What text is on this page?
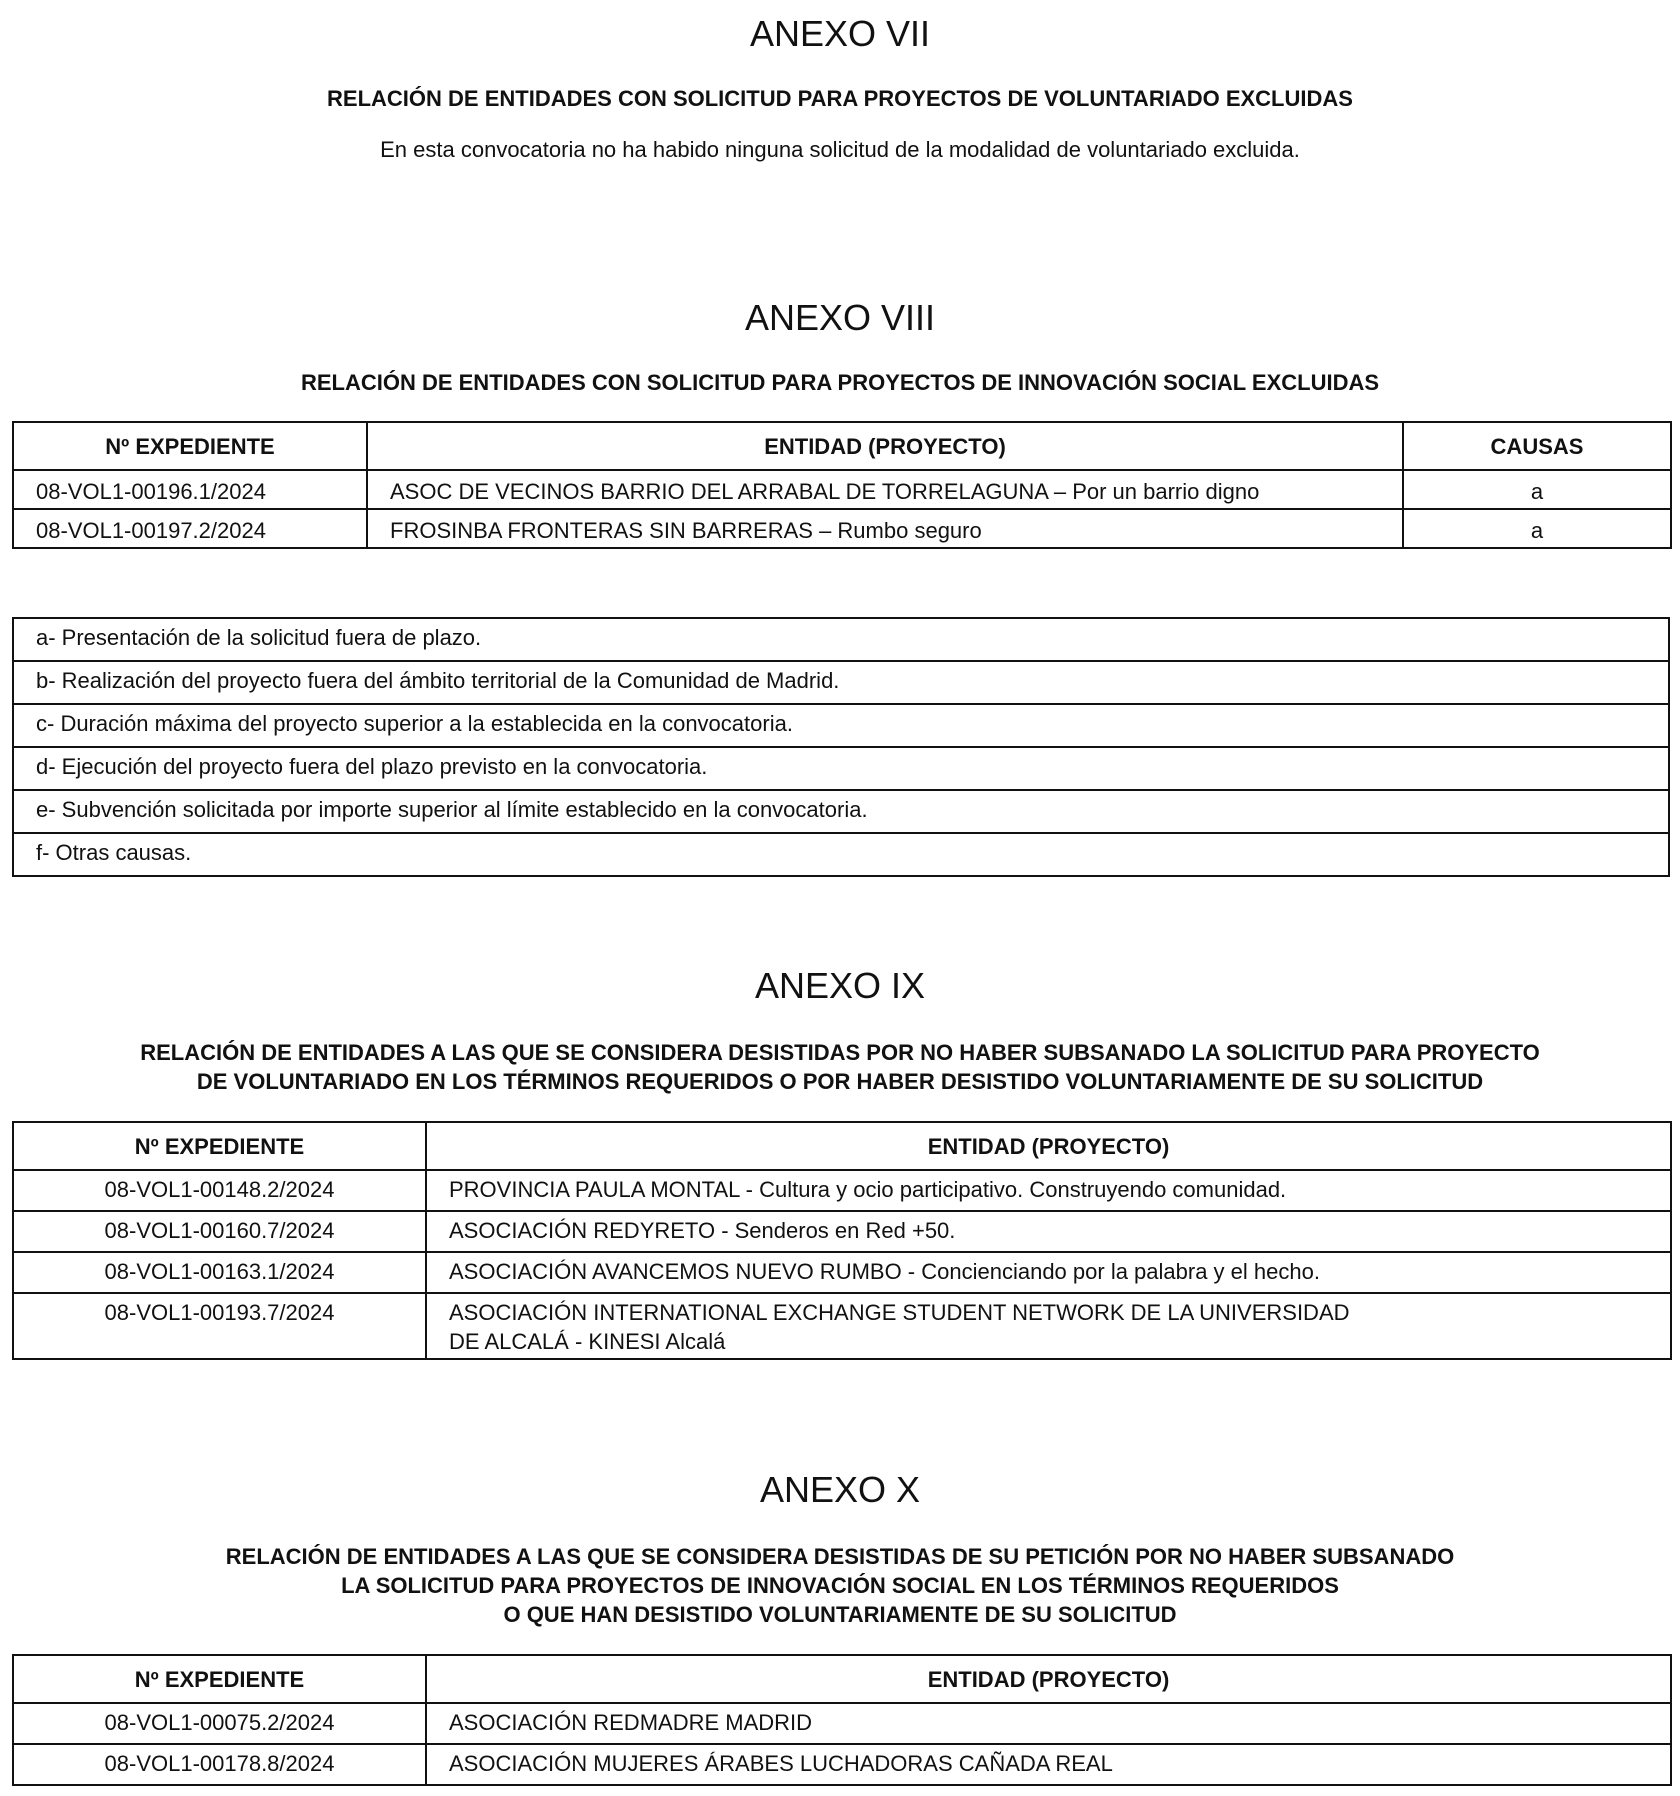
ANEXO VII

RELACIÓN DE ENTIDADES CON SOLICITUD PARA PROYECTOS DE VOLUNTARIADO EXCLUIDAS

En esta convocatoria no ha habido ninguna solicitud de la modalidad de voluntariado excluida.

ANEXO VIII

RELACIÓN DE ENTIDADES CON SOLICITUD PARA PROYECTOS DE INNOVACIÓN SOCIAL EXCLUIDAS

Nº EXPEDIENTE	ENTIDAD (PROYECTO)	CAUSAS
08-VOL1-00196.1/2024	ASOC DE VECINOS BARRIO DEL ARRABAL DE TORRELAGUNA – Por un barrio digno	a
08-VOL1-00197.2/2024	FROSINBA FRONTERAS SIN BARRERAS – Rumbo seguro	a
a- Presentación de la solicitud fuera de plazo.
b- Realización del proyecto fuera del ámbito territorial de la Comunidad de Madrid.
c- Duración máxima del proyecto superior a la establecida en la convocatoria.
d- Ejecución del proyecto fuera del plazo previsto en la convocatoria.
e- Subvención solicitada por importe superior al límite establecido en la convocatoria.
f- Otras causas.
ANEXO IX

RELACIÓN DE ENTIDADES A LAS QUE SE CONSIDERA DESISTIDAS POR NO HABER SUBSANADO LA SOLICITUD PARA PROYECTO

DE VOLUNTARIADO EN LOS TÉRMINOS REQUERIDOS O POR HABER DESISTIDO VOLUNTARIAMENTE DE SU SOLICITUD

Nº EXPEDIENTE	ENTIDAD (PROYECTO)
08-VOL1-00148.2/2024	PROVINCIA PAULA MONTAL - Cultura y ocio participativo. Construyendo comunidad.
08-VOL1-00160.7/2024	ASOCIACIÓN REDYRETO - Senderos en Red +50.
08-VOL1-00163.1/2024	ASOCIACIÓN AVANCEMOS NUEVO RUMBO - Concienciando por la palabra y el hecho.
08-VOL1-00193.7/2024	ASOCIACIÓN INTERNATIONAL EXCHANGE STUDENT NETWORK DE LA UNIVERSIDAD
DE ALCALÁ - KINESI Alcalá
ANEXO X

RELACIÓN DE ENTIDADES A LAS QUE SE CONSIDERA DESISTIDAS DE SU PETICIÓN POR NO HABER SUBSANADO

LA SOLICITUD PARA PROYECTOS DE INNOVACIÓN SOCIAL EN LOS TÉRMINOS REQUERIDOS

O QUE HAN DESISTIDO VOLUNTARIAMENTE DE SU SOLICITUD

Nº EXPEDIENTE	ENTIDAD (PROYECTO)
08-VOL1-00075.2/2024	ASOCIACIÓN REDMADRE MADRID
08-VOL1-00178.8/2024	ASOCIACIÓN MUJERES ÁRABES LUCHADORAS CAÑADA REAL
